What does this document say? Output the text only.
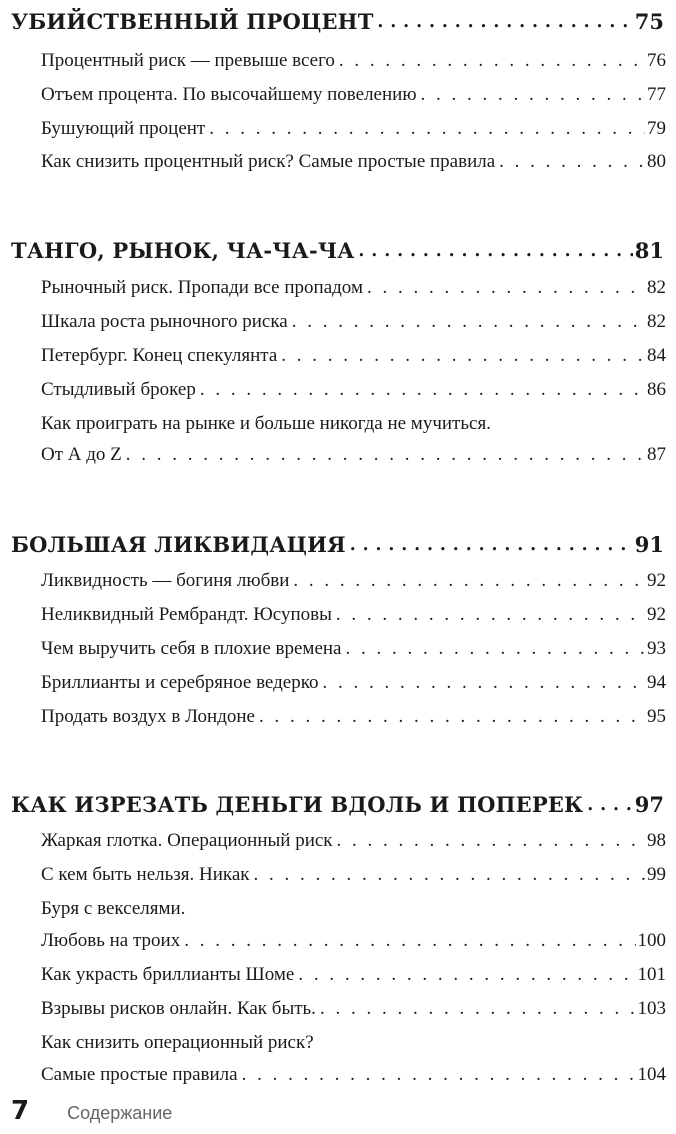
УБИЙСТВЕННЫЙ ПРОЦЕНТ • • •	75
Процентный риск — превыше всего . . .	76
Отъем процента. По высочайшему повелению . . .	77
Бушующий процент . . .	79
Как снизить процентный риск? Самые простые правила . . .	80
ТАНГО, РЫНОК, ЧА-ЧА-ЧА • • •	81
Рыночный риск. Пропади все пропадом . . .	82
Шкала роста рыночного риска . . .	82
Петербург. Конец спекулянта . . .	84
Стыдливый брокер . . .	86
Как проиграть на рынке и больше никогда не мучиться.
От А до Z . . .	87
БОЛЬШАЯ ЛИКВИДАЦИЯ • • •	91
Ликвидность — богиня любви . . .	92
Неликвидный Рембрандт. Юсуповы . . .	92
Чем выручить себя в плохие времена . . .	93
Бриллианты и серебряное ведерко . . .	94
Продать воздух в Лондоне . . .	95
КАК ИЗРЕЗАТЬ ДЕНЬГИ ВДОЛЬ И ПОПЕРЕК • • • 97
Жаркая глотка. Операционный риск . . .	98
С кем быть нельзя. Никак . . .	99
Буря с векселями.
Любовь на троих . . .	100
Как украсть бриллианты Шоме . . .	101
Взрывы рисков онлайн. Как быть. . . .	103
Как снизить операционный риск?
Самые простые правила . . .	104
7 Содержание
